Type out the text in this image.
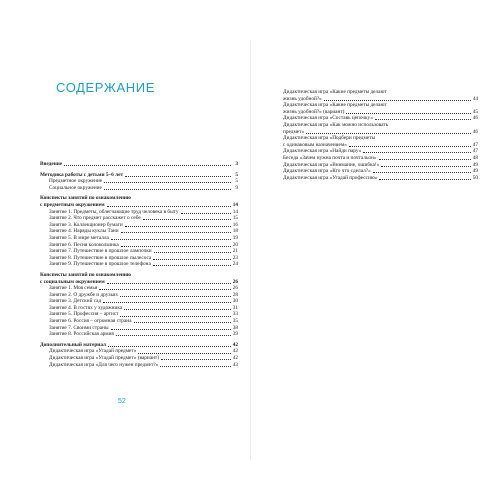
СОДЕРЖАНИЕ
Введение	3
Методика работы с детьми 5–6 лет	5
Предметное окружение	5
Социальное окружение	9
Конспекты занятий по ознакомлению
с предметным окружением	14
Занятие 1. Предметы, облегчающие труд человека в быту	14
Занятие 2. Что предмет расскажет о себе	15
Занятие 3. Коллекционер бумаги	16
Занятие 4. Наряды куклы Тани	18
Занятие 5. В мире металла	19
Занятие 6. Песня колокольчика	20
Занятие 7. Путешествие в прошлое лампочки	21
Занятие 8. Путешествие в прошлое пылесоса	23
Занятие 9. Путешествие в прошлое телефона	24
Конспекты занятий по ознакомлению
с социальным окружением	26
Занятие 1. Моя семья	26
Занятие 2. О дружбе и друзьях	28
Занятие 3. Детский сад	30
Занятие 4. В гостях у художника	31
Занятие 5. Профессия – артист	33
Занятие 6. Россия – огромная страна	35
Занятие 7. Своими страны	38
Занятие 8. Российская армия	39
Дополнительный материал	42
Дидактическая игра «Угадай предмет»	42
Дидактическая игра «Угадай предмет» (вариант)	42
Дидактическая игра «Для чего нужен предмет?»	43
Дидактическая игра «Какие предметы делают
жизнь удобной?»	44
Дидактическая игра «Какие предметы делают
жизнь удобной?» (вариант)	45
Дидактическая игра «Составь цепочку»	46
Дидактическая игра «Как можно использовать
предмет»	46
Дидактическая игра «Подбери предметы
с одинаковым назначением»	47
Дидактическая игра «Найди пару»	47
Беседа «Зачем нужна почта и почтальон»	48
Дидактическая игра «Внимание, ошибка!»	49
Дидактическая игра «Кто что сделал?»	49
Дидактическая игра «Угадай профессию»	50
52
